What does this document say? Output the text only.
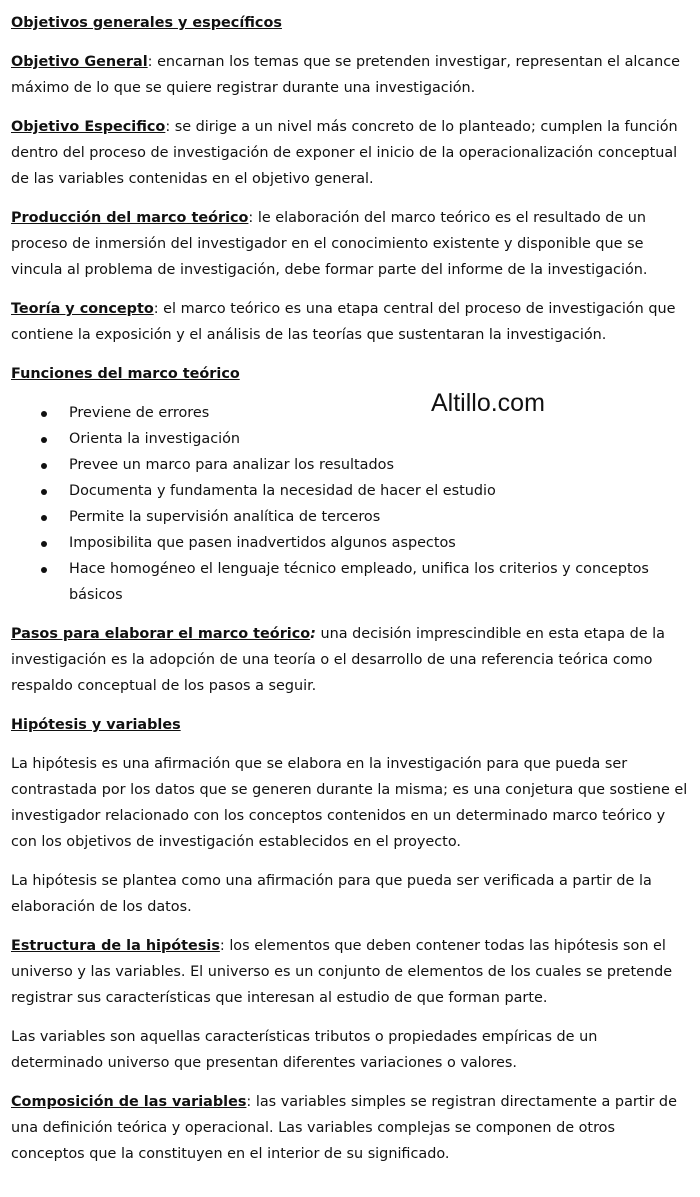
Altillo.com

Objetivos generales y específicos

Objetivo General: encarnan los temas que se pretenden investigar, representan el alcance máximo de lo que se quiere registrar durante una investigación.

Objetivo Especifico: se dirige a un nivel más concreto de lo planteado; cumplen la función dentro del proceso de investigación de exponer el inicio de la operacionalización conceptual de las variables contenidas en el objetivo general.

Producción del marco teórico: le elaboración del marco teórico es el resultado de un proceso de inmersión del investigador en el conocimiento existente y disponible que se vincula al problema de investigación, debe formar parte del informe de la investigación.

Teoría y concepto: el marco teórico es una etapa central del proceso de investigación que contiene la exposición y el análisis de las teorías que sustentaran la investigación.

Funciones del marco teórico

Previene de errores
Orienta la investigación
Prevee un marco para analizar los resultados
Documenta y fundamenta la necesidad de hacer el estudio
Permite la supervisión analítica de terceros
Imposibilita que pasen inadvertidos algunos aspectos
Hace homogéneo el lenguaje técnico empleado, unifica los criterios y conceptos básicos

Pasos para elaborar el marco teórico: una decisión imprescindible en esta etapa de la investigación es la adopción de una teoría o el desarrollo de una referencia teórica como respaldo conceptual de los pasos a seguir.

Hipótesis y variables

La hipótesis es una afirmación que se elabora en la investigación para que pueda ser contrastada por los datos que se generen durante la misma; es una conjetura que sostiene el investigador relacionado con los conceptos contenidos en un determinado marco teórico y con los objetivos de investigación establecidos en el proyecto.

La hipótesis se plantea como una afirmación para que pueda ser verificada a partir de la elaboración de los datos.

Estructura de la hipótesis: los elementos que deben contener todas las hipótesis son el universo y las variables. El universo es un conjunto de elementos de los cuales se pretende registrar sus características que interesan al estudio de que forman parte.

Las variables son aquellas características tributos o propiedades empíricas de un determinado universo que presentan diferentes variaciones o valores.

Composición de las variables: las variables simples se registran directamente a partir de una definición teórica y operacional. Las variables complejas se componen de otros conceptos que la constituyen en el interior de su significado.
